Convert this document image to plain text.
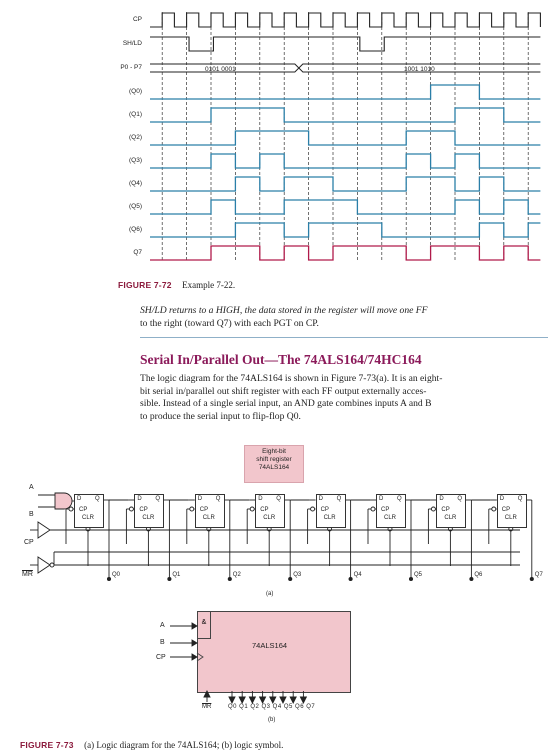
CP
SH/LD
P0 - P7
(Q0)
(Q1)
(Q2)
(Q3)
(Q4)
(Q5)
(Q6)
Q7
0101 0001	1001 1010
FIGURE 7-72 Example 7-22.
SH/LD returns to a HIGH, the data stored in the register will move one FF
to the right (toward Q7) with each PGT on CP.
Serial In/Parallel Out—The 74ALS164/74HC164
The logic diagram for the 74ALS164 is shown in Figure 7-73(a). It is an eight-
bit serial in/parallel out shift register with each FF output externally acces-
sible. Instead of a single serial input, an AND gate combines inputs A and B
to produce the serial input to flip-flop Q0.
Eight-bit
shift register
74ALS164
A
B
CP
$\overline{MR}$
D Q
CP
CLR
Q0
D Q
CP
CLR
Q1
D Q
CP
CLR
Q2
D Q
CP
CLR
Q3
D Q
CP
CLR
Q4
D Q
CP
CLR
Q5
D Q
CP
CLR
Q6
D Q
CP
CLR
Q7
(a)
&
74ALS164
A
B
CP
$\overline{MR}$	Q0 Q1 Q2 Q3 Q4 Q5 Q6 Q7
(b)
FIGURE 7-73 (a) Logic diagram for the 74ALS164; (b) logic symbol.
